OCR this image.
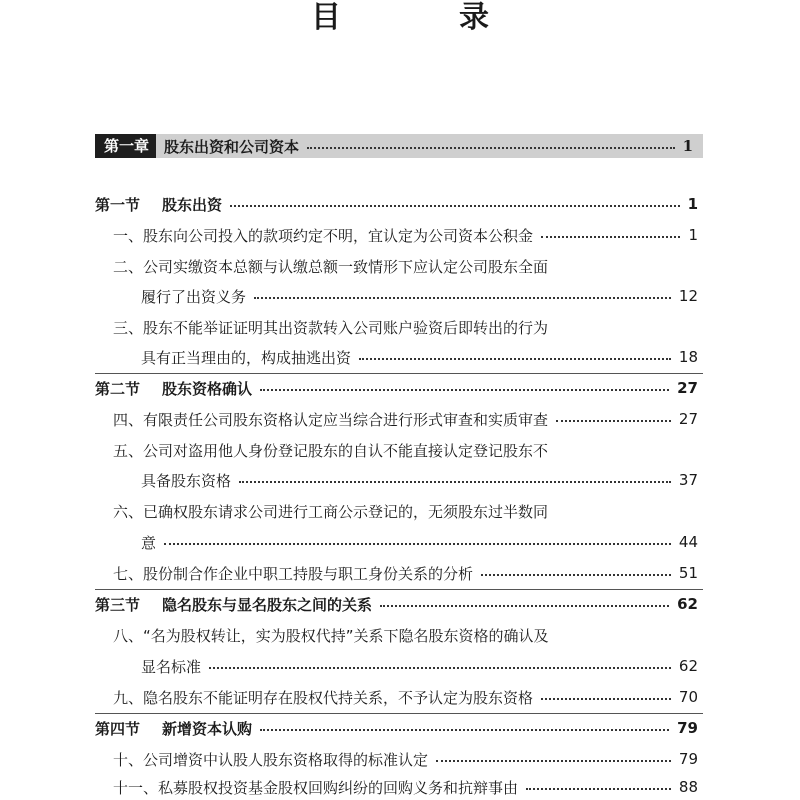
目　录
第一章	股东出资和公司资本	1
第一节 股东出资	1
一、股东向公司投入的款项约定不明，宜认定为公司资本公积金	1
二、公司实缴资本总额与认缴总额一致情形下应认定公司股东全面
履行了出资义务	12
三、股东不能举证证明其出资款转入公司账户验资后即转出的行为
具有正当理由的，构成抽逃出资	18
第二节 股东资格确认	27
四、有限责任公司股东资格认定应当综合进行形式审查和实质审查	27
五、公司对盗用他人身份登记股东的自认不能直接认定登记股东不
具备股东资格	37
六、已确权股东请求公司进行工商公示登记的，无须股东过半数同
意	44
七、股份制合作企业中职工持股与职工身份关系的分析	51
第三节 隐名股东与显名股东之间的关系	62
八、“名为股权转让，实为股权代持”关系下隐名股东资格的确认及
显名标准	62
九、隐名股东不能证明存在股权代持关系，不予认定为股东资格	70
第四节 新增资本认购	79
十、公司增资中认股人股东资格取得的标准认定	79
十一、私募股权投资基金股权回购纠纷的回购义务和抗辩事由	88
